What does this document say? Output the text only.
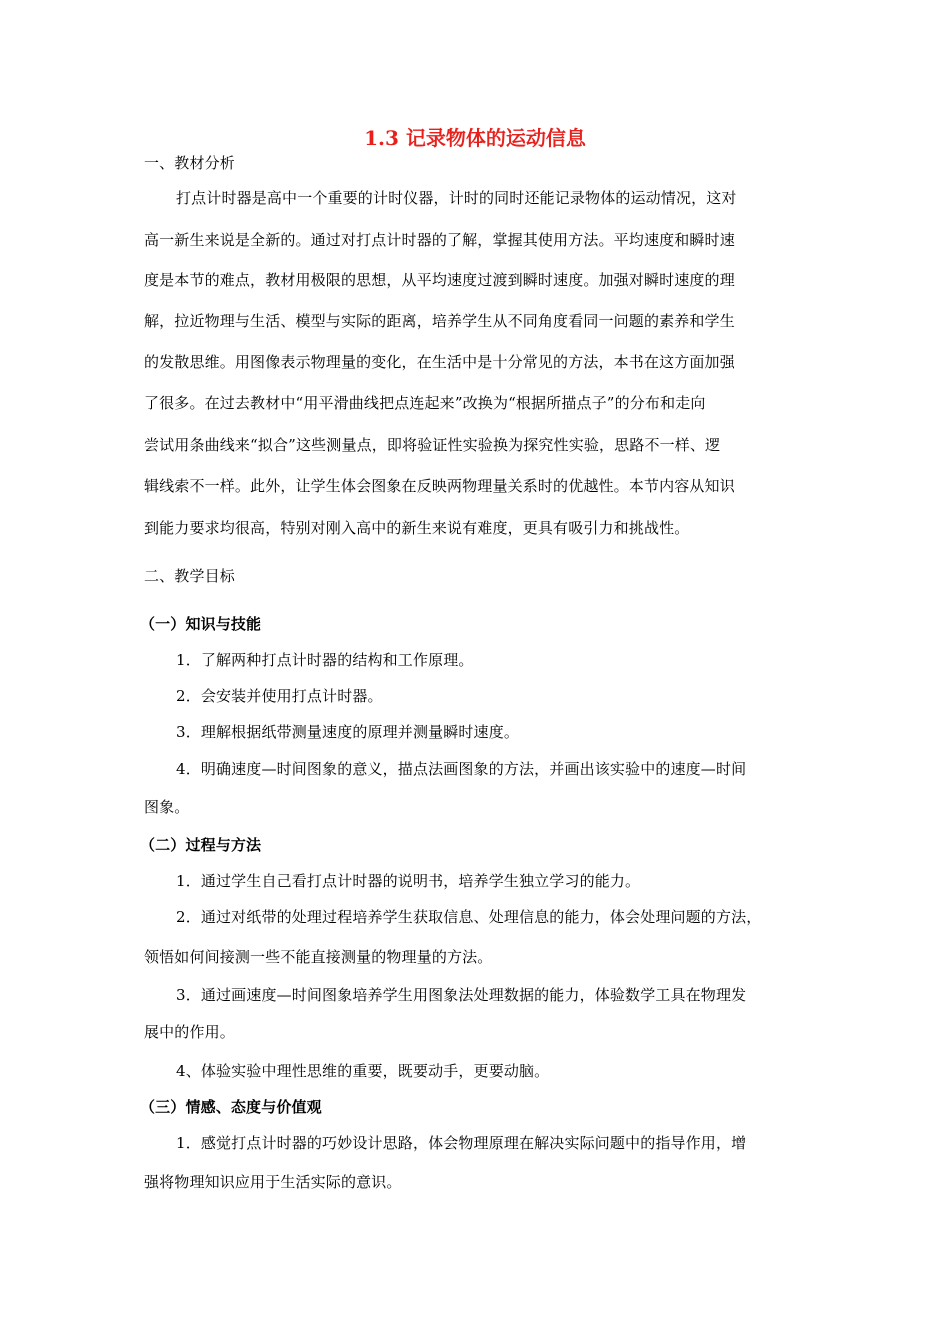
1.3 记录物体的运动信息
一、教材分析
打点计时器是高中一个重要的计时仪器，计时的同时还能记录物体的运动情况，这对
高一新生来说是全新的。通过对打点计时器的了解，掌握其使用方法。平均速度和瞬时速
度是本节的难点，教材用极限的思想，从平均速度过渡到瞬时速度。加强对瞬时速度的理
解，拉近物理与生活、模型与实际的距离，培养学生从不同角度看同一问题的素养和学生
的发散思维。用图像表示物理量的变化，在生活中是十分常见的方法，本书在这方面加强
了很多。在过去教材中“用平滑曲线把点连起来”改换为“根据所描点子”的分布和走向
尝试用条曲线来“拟合”这些测量点，即将验证性实验换为探究性实验，思路不一样、逻
辑线索不一样。此外，让学生体会图象在反映两物理量关系时的优越性。本节内容从知识
到能力要求均很高，特别对刚入高中的新生来说有难度，更具有吸引力和挑战性。
二、教学目标
（一）知识与技能
1．了解两种打点计时器的结构和工作原理。
2．会安装并使用打点计时器。
3．理解根据纸带测量速度的原理并测量瞬时速度。
4．明确速度—时间图象的意义，描点法画图象的方法，并画出该实验中的速度—时间
图象。
（二）过程与方法
1．通过学生自己看打点计时器的说明书，培养学生独立学习的能力。
2．通过对纸带的处理过程培养学生获取信息、处理信息的能力，体会处理问题的方法，
领悟如何间接测一些不能直接测量的物理量的方法。
3．通过画速度—时间图象培养学生用图象法处理数据的能力，体验数学工具在物理发
展中的作用。
4、体验实验中理性思维的重要，既要动手，更要动脑。
（三）情感、态度与价值观
1．感觉打点计时器的巧妙设计思路，体会物理原理在解决实际问题中的指导作用，增
强将物理知识应用于生活实际的意识。
